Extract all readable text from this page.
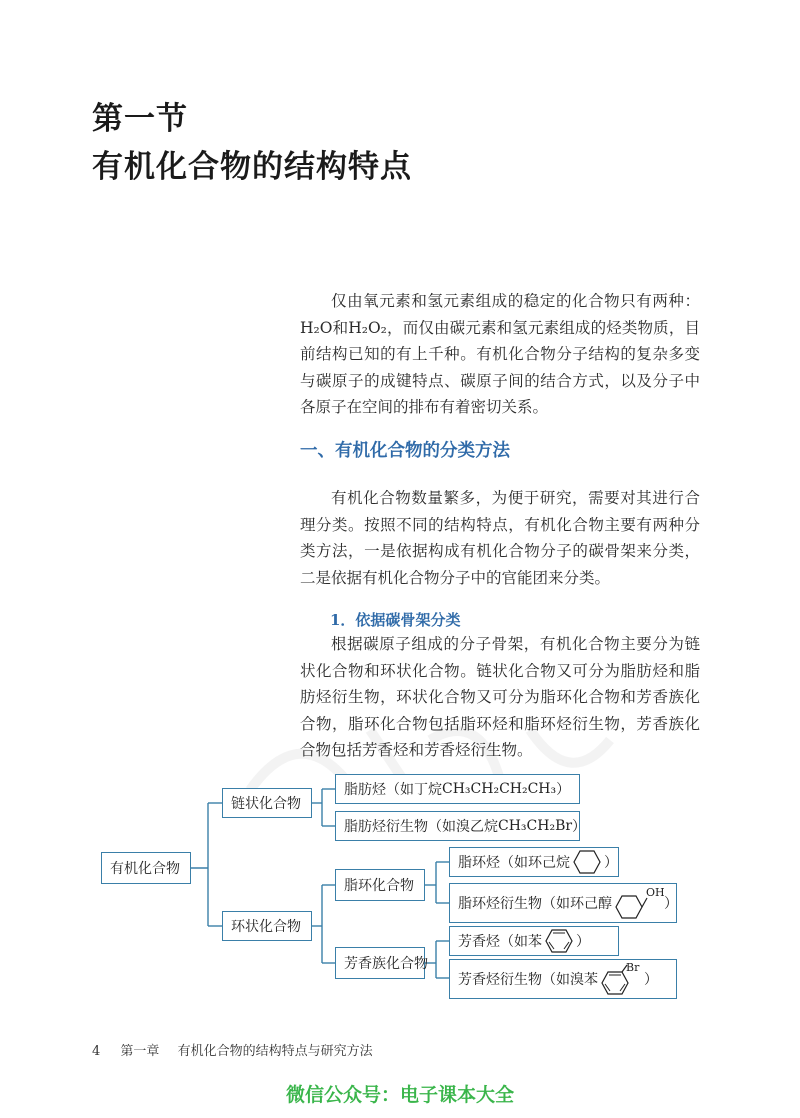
第一节
有机化合物的结构特点

仅由氧元素和氢元素组成的稳定的化合物只有两种：H₂O和H₂O₂，而仅由碳元素和氢元素组成的烃类物质，目前结构已知的有上千种。有机化合物分子结构的复杂多变与碳原子的成键特点、碳原子间的结合方式，以及分子中各原子在空间的排布有着密切关系。

一、有机化合物的分类方法

有机化合物数量繁多，为便于研究，需要对其进行合理分类。按照不同的结构特点，有机化合物主要有两种分类方法，一是依据构成有机化合物分子的碳骨架来分类，二是依据有机化合物分子中的官能团来分类。

1．依据碳骨架分类

根据碳原子组成的分子骨架，有机化合物主要分为链状化合物和环状化合物。链状化合物又可分为脂肪烃和脂肪烃衍生物，环状化合物又可分为脂环化合物和芳香族化合物，脂环化合物包括脂环烃和脂环烃衍生物，芳香族化合物包括芳香烃和芳香烃衍生物。

有机化合物
链状化合物
环状化合物
脂肪烃（如丁烷 CH₃CH₂CH₂CH₃ ）
脂肪烃衍生物（如溴乙烷 CH₃CH₂Br ）
脂环化合物
芳香族化合物
脂环烃（如环己烷 ）
脂环烃衍生物（如环己醇
OH
）
芳香烃（如苯 ）
芳香烃衍生物（如溴苯
Br
）
4 第一章 有机化合物的结构特点与研究方法
微信公众号：电子课本大全
